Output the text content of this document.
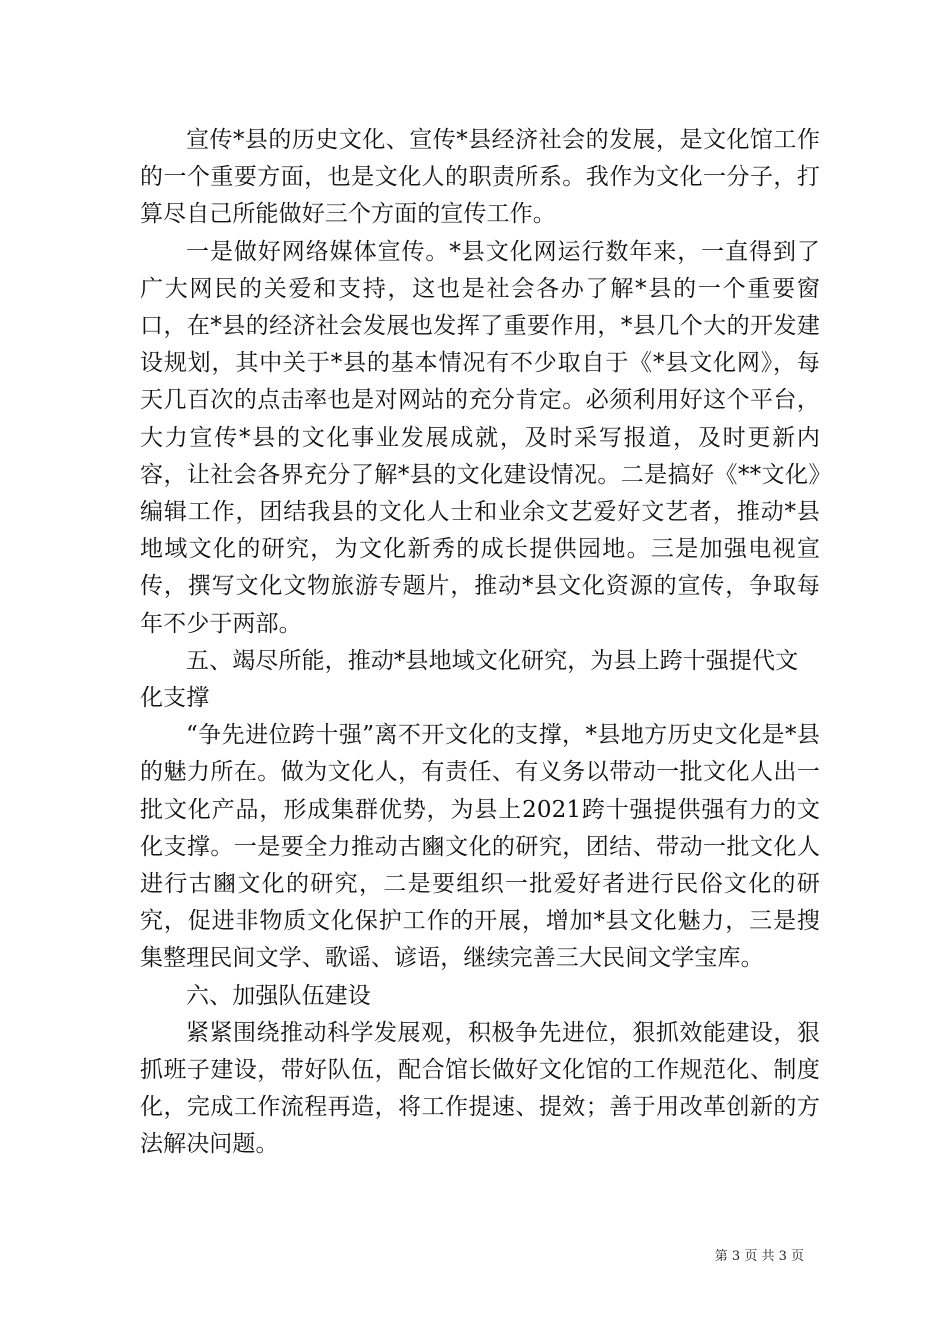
宣传*县的历史文化、宣传*县经济社会的发展，是文化馆工作的一个重要方面，也是文化人的职责所系。我作为文化一分子，打算尽自己所能做好三个方面的宣传工作。

一是做好网络媒体宣传。*县文化网运行数年来，一直得到了广大网民的关爱和支持，这也是社会各办了解*县的一个重要窗口，在*县的经济社会发展也发挥了重要作用，*县几个大的开发建设规划，其中关于*县的基本情况有不少取自于《*县文化网》，每天几百次的点击率也是对网站的充分肯定。必须利用好这个平台，大力宣传*县的文化事业发展成就，及时采写报道，及时更新内容，让社会各界充分了解*县的文化建设情况。二是搞好《**文化》编辑工作，团结我县的文化人士和业余文艺爱好文艺者，推动*县地域文化的研究，为文化新秀的成长提供园地。三是加强电视宣传，撰写文化文物旅游专题片，推动*县文化资源的宣传，争取每年不少于两部。

五、竭尽所能，推动*县地域文化研究，为县上跨十强提代文化支撑

“争先进位跨十强”离不开文化的支撑，*县地方历史文化是*县的魅力所在。做为文化人，有责任、有义务以带动一批文化人出一批文化产品，形成集群优势，为县上2021跨十强提供强有力的文化支撑。一是要全力推动古豳文化的研究，团结、带动一批文化人进行古豳文化的研究，二是要组织一批爱好者进行民俗文化的研究，促进非物质文化保护工作的开展，增加*县文化魅力，三是搜集整理民间文学、歌谣、谚语，继续完善三大民间文学宝库。

六、加强队伍建设

紧紧围绕推动科学发展观，积极争先进位，狠抓效能建设，狠抓班子建设，带好队伍，配合馆长做好文化馆的工作规范化、制度化，完成工作流程再造，将工作提速、提效；善于用改革创新的方法解决问题。

第 3 页 共 3 页
